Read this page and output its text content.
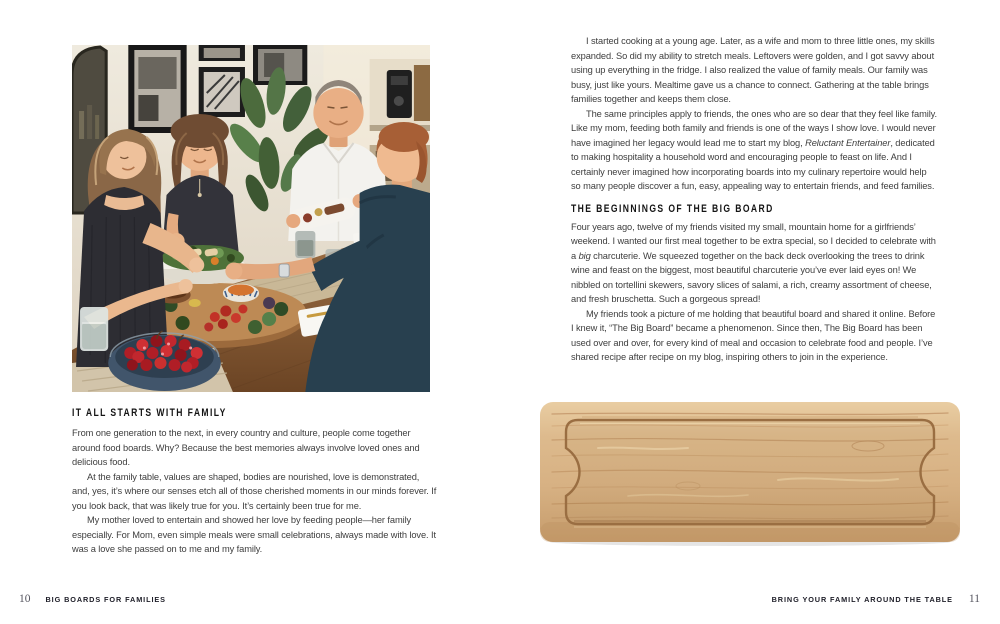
IT ALL STARTS WITH FAMILY

From one generation to the next, in every country and culture, people come together around food boards. Why? Because the best memories always involve loved ones and delicious food.

At the family table, values are shaped, bodies are nourished, love is demonstrated, and, yes, it’s where our senses etch all of those cherished moments in our minds forever. If you look back, that was likely true for you. It’s certainly been true for me.

My mother loved to entertain and showed her love by feeding people—her family especially. For Mom, even simple meals were small celebrations, always made with love. It was a love she passed on to me and my family.

10 BIG BOARDS FOR FAMILIES

I started cooking at a young age. Later, as a wife and mom to three little ones, my skills expanded. So did my ability to stretch meals. Leftovers were golden, and I got savvy about using up everything in the fridge. I also realized the value of family meals. Our family was busy, just like yours. Mealtime gave us a chance to connect. Gathering at the table brings families together and keeps them close.

The same principles apply to friends, the ones who are so dear that they feel like family. Like my mom, feeding both family and friends is one of the ways I show love. I would never have imagined her legacy would lead me to start my blog, Reluctant Entertainer, dedicated to making hospitality a household word and encouraging people to feast on life. And I certainly never imagined how incorporating boards into my culinary repertoire would help so many people discover a fun, easy, appealing way to entertain friends, and feed families.

THE BEGINNINGS OF THE BIG BOARD

Four years ago, twelve of my friends visited my small, mountain home for a girlfriends’ weekend. I wanted our first meal together to be extra special, so I decided to celebrate with a big charcuterie. We squeezed together on the back deck overlooking the trees to drink wine and feast on the biggest, most beautiful charcuterie you’ve ever laid eyes on! We nibbled on tortellini skewers, savory slices of salami, a rich, creamy assortment of cheese, and fresh bruschetta. Such a gorgeous spread!

My friends took a picture of me holding that beautiful board and shared it online. Before I knew it, “The Big Board” became a phenomenon. Since then, The Big Board has been used over and over, for every kind of meal and occasion to celebrate food and people. I’ve shared recipe after recipe on my blog, inspiring others to join in the experience.

BRING YOUR FAMILY AROUND THE TABLE 11
